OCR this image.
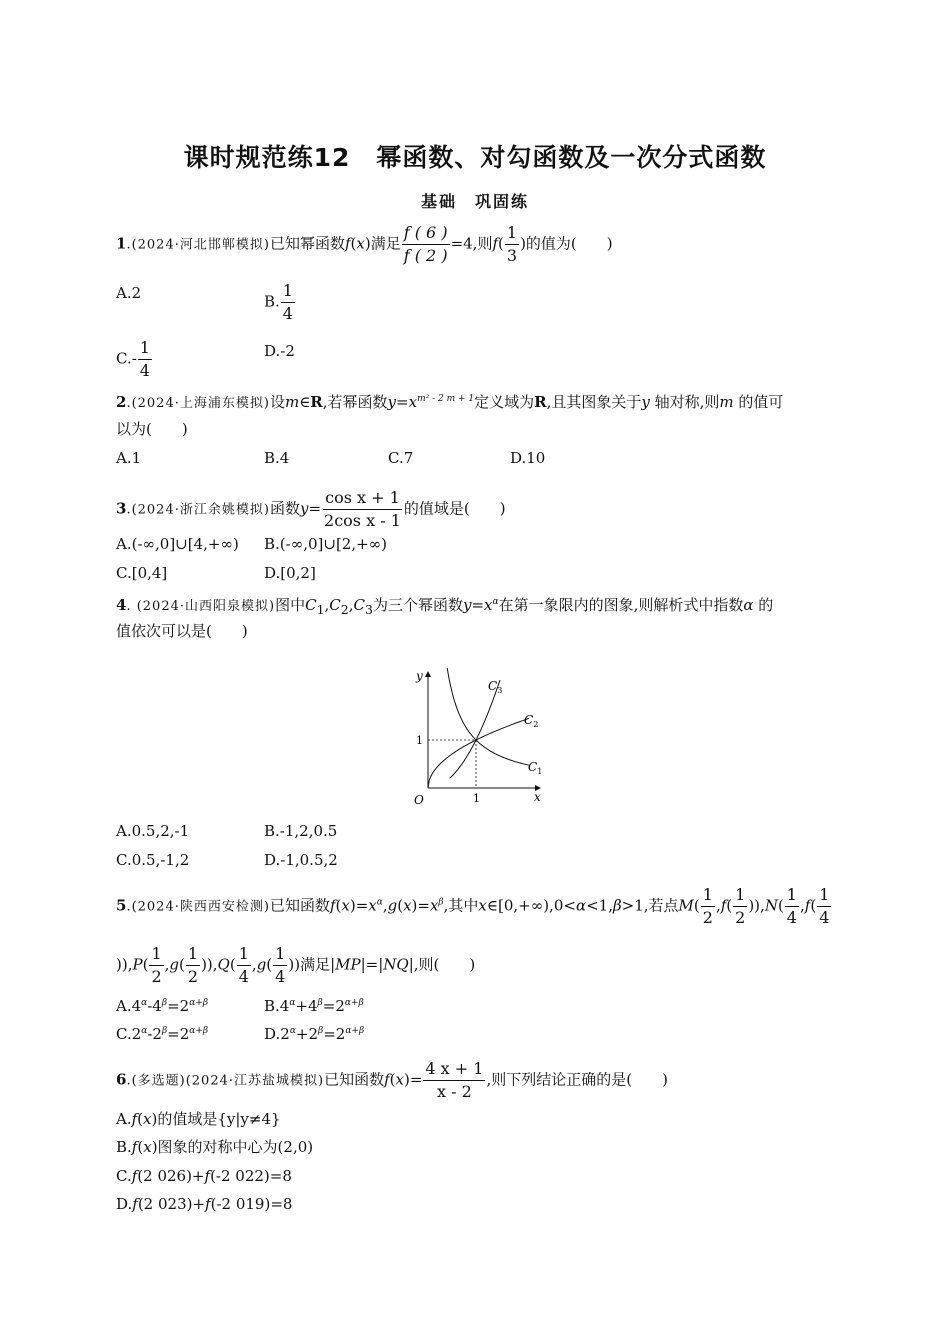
课时规范练12　幂函数、对勾函数及一次分式函数
基础　巩固练
1.(2024·河北邯郸模拟)已知幂函数f(x)满足 $\frac{f ( 6 )}{f ( 2 )} =4$,则$f( \frac{1}{3}$ )的值为(　　)
A.2	B. $\frac{1}{4}$
$C.- \frac{1}{4}$	D.-2
2.(2024·上海浦东模拟)设m∈R,若幂函数$y=x^{m^2 - 2 m + 1}$定义域为R,且其图象关于y 轴对称,则m 的值可
以为(　　)
A.1	B.4	C.7	D.10
3.(2024·浙江余姚模拟)函数$y= \frac{\text{cos x + 1}}{\text{2cos x - 1}}$ 的值域是(　　)
A.(-∞,0]∪[4,+∞) B.(-∞,0]∪[2,+∞)
C.[0,4]	D.[0,2]
4. (2024·山西阳泉模拟)图中$C_1,C_2,C_3$为三个幂函数$y=x^\alpha$在第一象限内的图象,则解析式中指数α 的
值依次可以是(　　)
y
x
O	1
1
$C_1$
$C_2$
$C_3$
A.0.5,2,-1	B.-1,2,0.5
C.0.5,-1,2	D.-1,0.5,2
5.(2024·陕西西安检测)已知函数$f(x)=x^\alpha,g(x)=x^\beta$,其中x∈[0,+∞),0<α<1,β>1,若点$M( \frac{1}{2} ,f( \frac{1}{2} )),N( \frac{1}{4} ,f( \frac{1}{4}$
))$,P( \frac{1}{2} ,g( \frac{1}{2} )),Q( \frac{1}{4} ,g( \frac{1}{4}$ ))满足|MP|=|NQ|,则(　　)
$A.4^\alpha-4^\beta=2^{\alpha+\beta}$	$B.4^\alpha+4^\beta=2^{\alpha+\beta}$
$C.2^\alpha-2^\beta=2^{\alpha+\beta}$	$D.2^\alpha+2^\beta=2^{\alpha+\beta}$
6.(多选题)(2024·江苏盐城模拟)已知函数$f(x)= \frac{4 x + 1}{x - 2}$ ,则下列结论正确的是(　　)
A.f(x)的值域是{y|y≠4}
B.f(x)图象的对称中心为(2,0)
C.f(2 026)+f(-2 022)=8
D.f(2 023)+f(-2 019)=8
